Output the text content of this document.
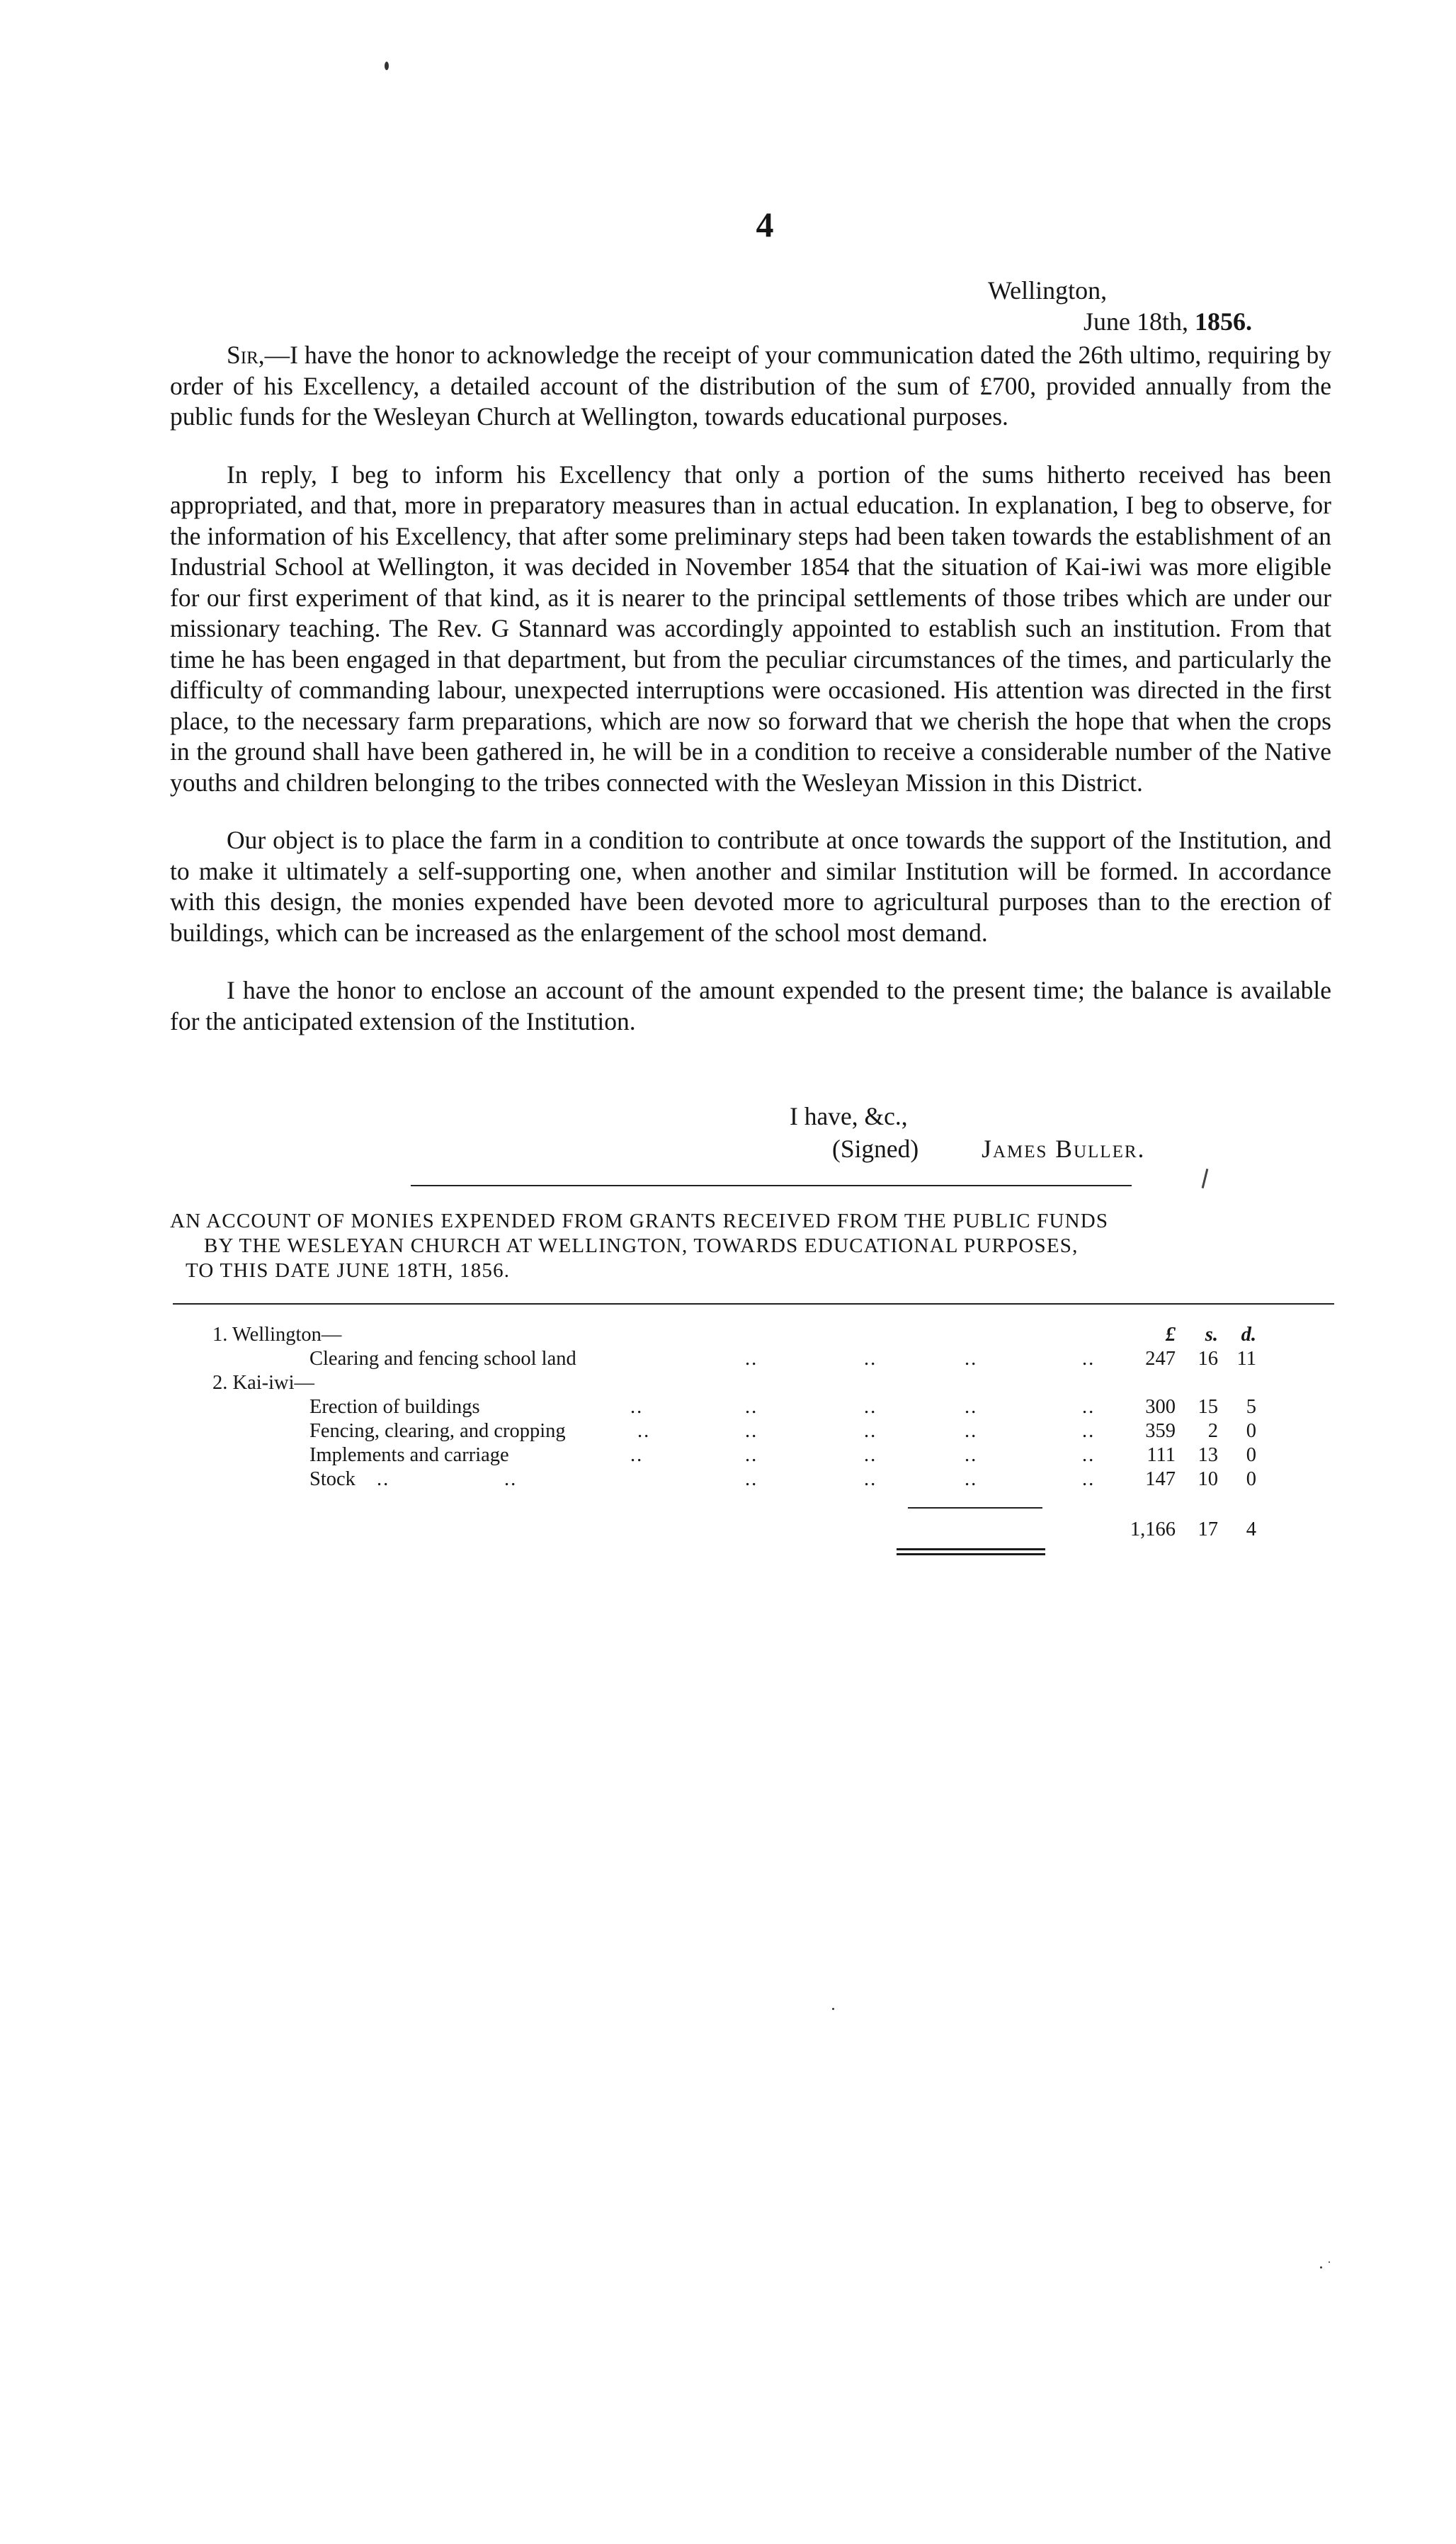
4
Wellington,
June 18th, 1856.

Sir,—I have the honor to acknowledge the receipt of your communication dated the 26th ultimo, requiring by order of his Excellency, a detailed account of the distribution of the sum of £700, provided annually from the public funds for the Wesleyan Church at Wellington, towards educational purposes.

In reply, I beg to inform his Excellency that only a portion of the sums hitherto received has been appropriated, and that, more in preparatory measures than in actual education. In explanation, I beg to observe, for the information of his Excellency, that after some preliminary steps had been taken towards the establishment of an Industrial School at Wellington, it was decided in November 1854 that the situation of Kai-iwi was more eligible for our first experiment of that kind, as it is nearer to the principal settlements of those tribes which are under our missionary teaching. The Rev. G Stannard was accordingly appointed to establish such an institution. From that time he has been engaged in that department, but from the peculiar circumstances of the times, and particularly the difficulty of commanding labour, unexpected interruptions were occasioned. His attention was directed in the first place, to the necessary farm preparations, which are now so forward that we cherish the hope that when the crops in the ground shall have been gathered in, he will be in a condition to receive a considerable number of the Native youths and children belonging to the tribes connected with the Wesleyan Mission in this District.

Our object is to place the farm in a condition to contribute at once towards the support of the Institution, and to make it ultimately a self-supporting one, when another and similar Institution will be formed. In accordance with this design, the monies expended have been devoted more to agricultural purposes than to the erection of buildings, which can be increased as the enlargement of the school most demand.

I have the honor to enclose an account of the amount expended to the present time; the balance is available for the anticipated extension of the Institution.

I have, &c.,
(Signed)	James Buller.
AN ACCOUNT OF MONIES EXPENDED FROM GRANTS RECEIVED FROM THE PUBLIC FUNDS
BY THE WESLEYAN CHURCH AT WELLINGTON, TOWARDS EDUCATIONAL PURPOSES,
TO THIS DATE JUNE 18TH, 1856.
1. Wellington—	£	s.	d.
Clearing and fencing school land	..	..	..	..	247	16 11
2. Kai-iwi—
Erection of buildings	..	..	..	..	..	300	15	5
Fencing, clearing, and cropping	..	..	..	..	..	359	2	0
Implements and carriage	..	..	..	..	..	111	13	0
Stock ..	..	..	..	..	..	147	10	0
1,166	17	4
